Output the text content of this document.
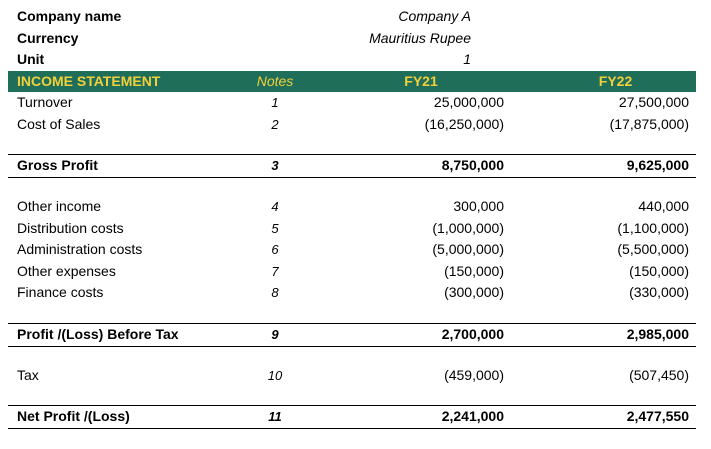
Company name	Company A
Currency	Mauritius Rupee
Unit	1
INCOME STATEMENT	Notes	FY21	FY22
Turnover	1	25,000,000	27,500,000
Cost of Sales	2	(16,250,000)	(17,875,000)
Gross Profit	3	8,750,000	9,625,000
Other income	4	300,000	440,000
Distribution costs	5	(1,000,000)	(1,100,000)
Administration costs	6	(5,000,000)	(5,500,000)
Other expenses	7	(150,000)	(150,000)
Finance costs	8	(300,000)	(330,000)
Profit /(Loss) Before Tax	9	2,700,000	2,985,000
Tax	10	(459,000)	(507,450)
Net Profit /(Loss)	11	2,241,000	2,477,550
